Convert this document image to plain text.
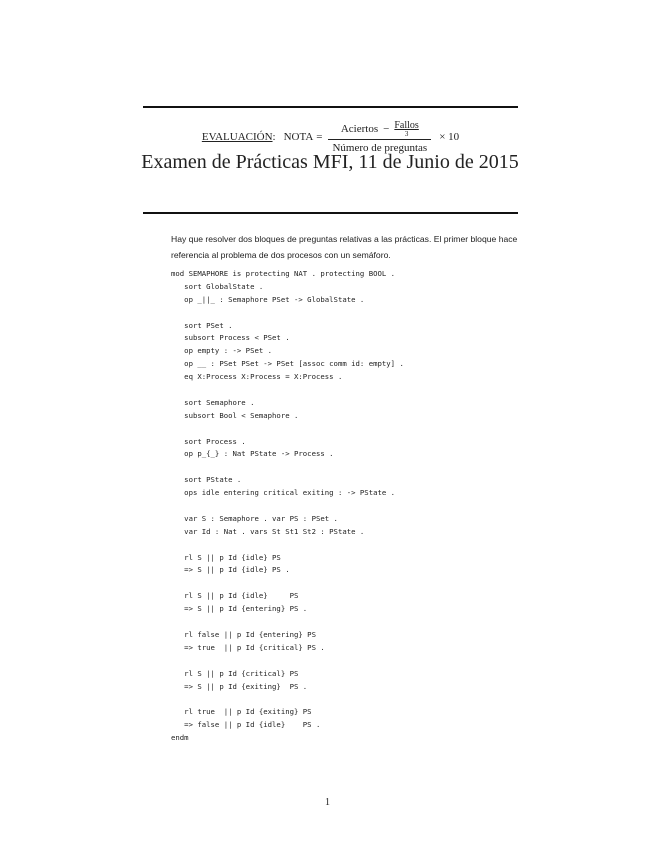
EVALUACIÓN : NOTA = $\frac{Aciertos - \frac{\text{Fallos}}{3}}{\text{Número de preguntas}}$ ×
10
Examen de Prácticas MFI, 11 de Junio de 2015
Hay que resolver dos bloques de preguntas relativas a las prácticas. El primer bloque hace referencia al problema de dos procesos con un semáforo.
mod SEMAPHORE is protecting NAT . protecting BOOL .
sort GlobalState .
op _||_ : Semaphore PSet -> GlobalState .
sort PSet .
subsort Process < PSet .
op empty : -> PSet .
op __ : PSet PSet -> PSet [assoc comm id: empty] .
eq X:Process X:Process = X:Process .
sort Semaphore .
subsort Bool < Semaphore .
sort Process .
op p_{_} : Nat PState -> Process .
sort PState .
ops idle entering critical exiting : -> PState .
var S : Semaphore . var PS : PSet .
var Id : Nat . vars St St1 St2 : PState .
rl S || p Id {idle} PS
=> S || p Id {idle} PS .
rl S || p Id {idle}     PS
=> S || p Id {entering} PS .
rl false || p Id {entering} PS
=> true  || p Id {critical} PS .
rl S || p Id {critical} PS
=> S || p Id {exiting}  PS .
rl true  || p Id {exiting} PS
=> false || p Id {idle}    PS .
endm
1
